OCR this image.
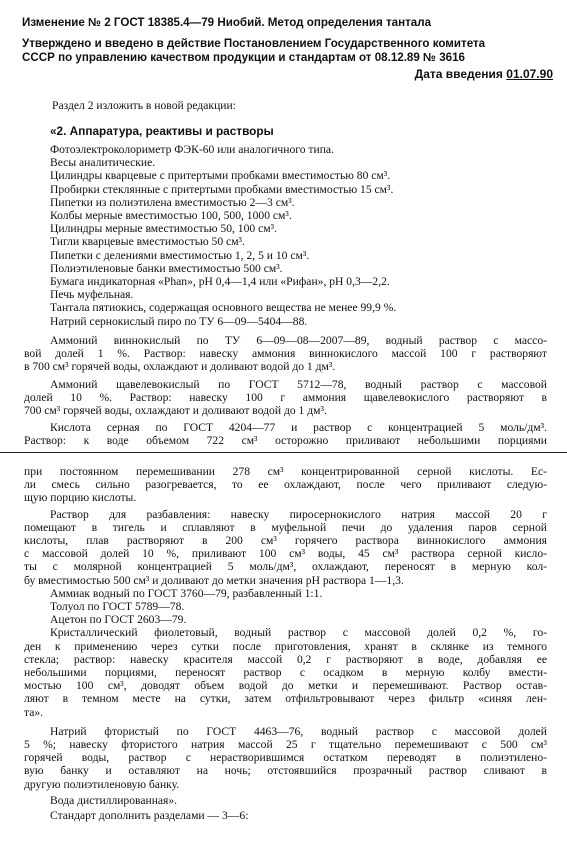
Изменение № 2 ГОСТ 18385.4—79 Ниобий. Метод определения тантала
Утверждено и введено в действие Постановлением Государственного комитета
СССР по управлению качеством продукции и стандартам от 08.12.89 № 3616
Дата введения 01.07.90
Раздел 2 изложить в новой редакции:
«2. Аппаратура, реактивы и растворы
Фотоэлектроколориметр ФЭК-60 или аналогичного типа.
Весы аналитические.
Цилиндры кварцевые с притертыми пробками вместимостью 80 см³.
Пробирки стеклянные с притертыми пробками вместимостью 15 см³.
Пипетки из полиэтилена вместимостью 2—3 см³.
Колбы мерные вместимостью 100, 500, 1000 см³.
Цилиндры мерные вместимостью 50, 100 см³.
Тигли кварцевые вместимостью 50 см³.
Пипетки с делениями вместимостью 1, 2, 5 и 10 см³.
Полиэтиленовые банки вместимостью 500 см³.
Бумага индикаторная «Phan», pH 0,4—1,4 или «Рифан», pH 0,3—2,2.
Печь муфельная.
Тантала пятиокись, содержащая основного вещества не менее 99,9 %.
Натрий сернокислый пиро по ТУ 6—09—5404—88.
Аммоний виннокислый по ТУ 6—09—08—2007—89, водный раствор с массо-
вой долей 1 %. Раствор: навеску аммония виннокислого массой 100 г растворяют
в 700 см³ горячей воды, охлаждают и доливают водой до 1 дм³.
Аммоний щавелевокислый по ГОСТ 5712—78, водный раствор с массовой
долей 10 %. Раствор: навеску 100 г аммония щавелевокислого растворяют в
700 см³ горячей воды, охлаждают и доливают водой до 1 дм³.
Кислота серная по ГОСТ 4204—77 и раствор с концентрацией 5 моль/дм³.
Раствор: к воде объемом 722 см³ осторожно приливают небольшими порциями
при постоянном перемешивании 278 см³ концентрированной серной кислоты. Ес-
ли смесь сильно разогревается, то ее охлаждают, после чего приливают следую-
щую порцию кислоты.
Раствор для разбавления: навеску пиросернокислого натрия массой 20 г
помещают в тигель и сплавляют в муфельной печи до удаления паров серной
кислоты, плав растворяют в 200 см³ горячего раствора виннокислого аммония
с массовой долей 10 %, приливают 100 см³ воды, 45 см³ раствора серной кисло-
ты с молярной концентрацией 5 моль/дм³, охлаждают, переносят в мерную кол-
бу вместимостью 500 см³ и доливают до метки значения pH раствора 1—1,3.
Аммиак водный по ГОСТ 3760—79, разбавленный 1:1.
Толуол по ГОСТ 5789—78.
Ацетон по ГОСТ 2603—79.
Кристаллический фиолетовый, водный раствор с массовой долей 0,2 %, го-
ден к применению через сутки после приготовления, хранят в склянке из темного
стекла; раствор: навеску красителя массой 0,2 г растворяют в воде, добавляя ее
небольшими порциями, переносят раствор с осадком в мерную колбу вмести-
мостью 100 см³, доводят объем водой до метки и перемешивают. Раствор остав-
ляют в темном месте на сутки, затем отфильтровывают через фильтр «синяя лен-
та».
Натрий фтористый по ГОСТ 4463—76, водный раствор с массовой долей
5 %; навеску фтористого натрия массой 25 г тщательно перемешивают с 500 см³
горячей воды, раствор с нерастворившимся остатком переводят в полиэтилено-
вую банку и оставляют на ночь; отстоявшийся прозрачный раствор сливают в
другую полиэтиленовую банку.
Вода дистиллированная».
Стандарт дополнить разделами — 3—6:
